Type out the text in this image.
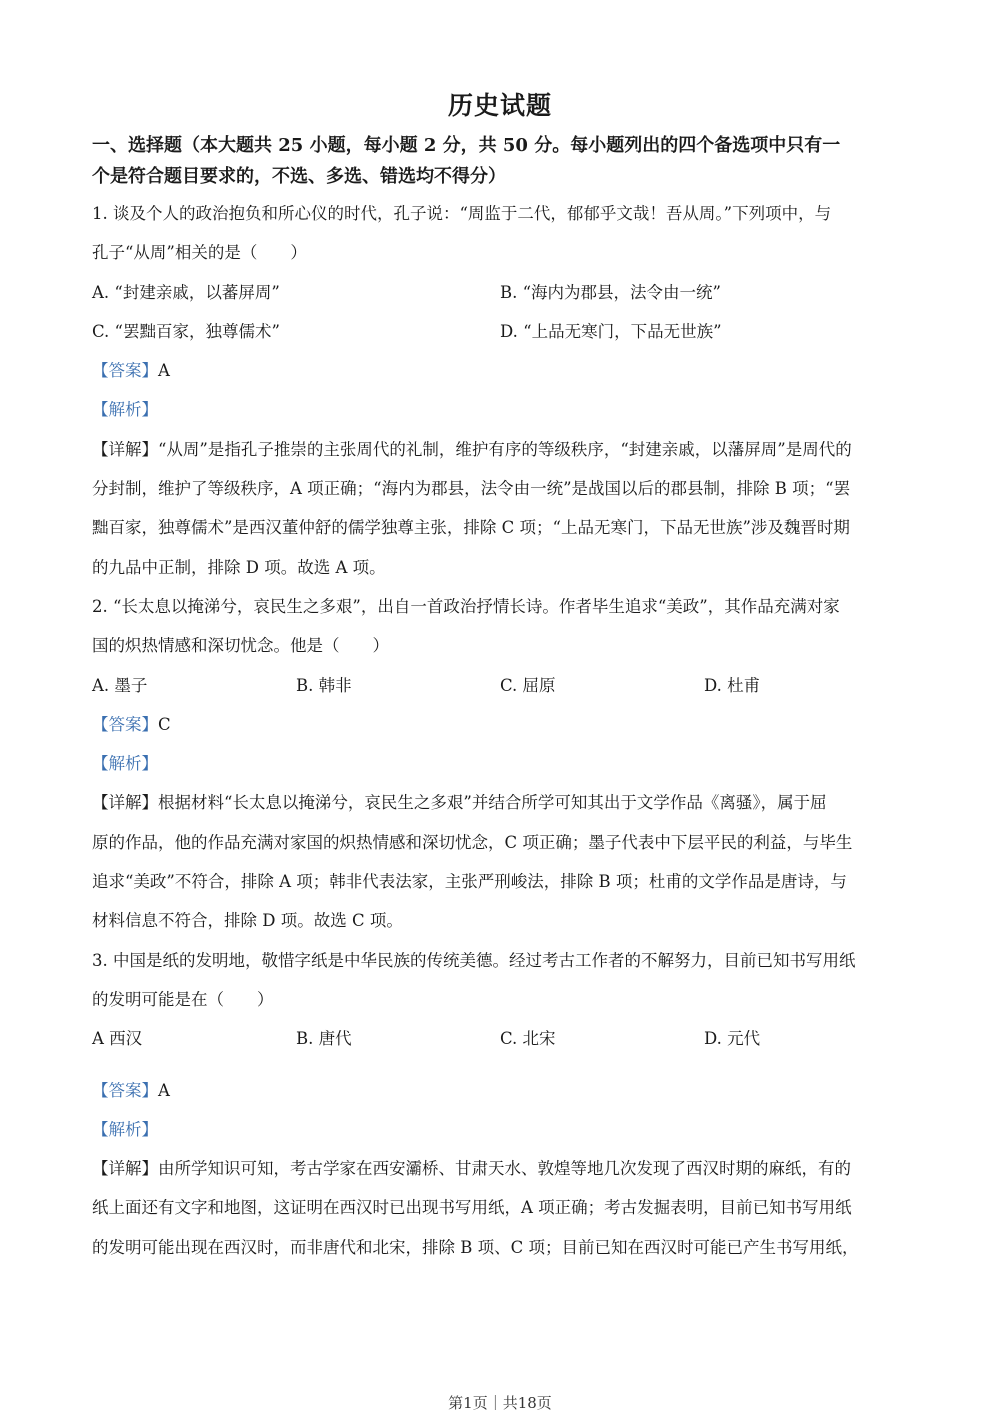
历史试题
一、选择题（本大题共 25 小题，每小题 2 分，共 50 分。每小题列出的四个备选项中只有一
个是符合题目要求的，不选、多选、错选均不得分）
1. 谈及个人的政治抱负和所心仪的时代，孔子说：“周监于二代，郁郁乎文哉！吾从周。”下列项中，与
孔子“从周”相关的是（　　）
A. “封建亲戚，以蕃屏周”	B. “海内为郡县，法令由一统”
C. “罢黜百家，独尊儒术”	D. “上品无寒门，下品无世族”
【答案】A
【解析】
【详解】“从周”是指孔子推崇的主张周代的礼制，维护有序的等级秩序，“封建亲戚，以藩屏周”是周代的
分封制，维护了等级秩序，A 项正确；“海内为郡县，法令由一统”是战国以后的郡县制，排除 B 项；“罢
黜百家，独尊儒术”是西汉董仲舒的儒学独尊主张，排除 C 项；“上品无寒门，下品无世族”涉及魏晋时期
的九品中正制，排除 D 项。故选 A 项。
2. “长太息以掩涕兮，哀民生之多艰”，出自一首政治抒情长诗。作者毕生追求“美政”，其作品充满对家
国的炽热情感和深切忧念。他是（　　）
A. 墨子	B. 韩非	C. 屈原	D. 杜甫
【答案】C
【解析】
【详解】根据材料“长太息以掩涕兮，哀民生之多艰”并结合所学可知其出于文学作品《离骚》，属于屈
原的作品，他的作品充满对家国的炽热情感和深切忧念，C 项正确；墨子代表中下层平民的利益，与毕生
追求“美政”不符合，排除 A 项；韩非代表法家，主张严刑峻法，排除 B 项；杜甫的文学作品是唐诗，与
材料信息不符合，排除 D 项。故选 C 项。
3. 中国是纸的发明地，敬惜字纸是中华民族的传统美德。经过考古工作者的不解努力，目前已知书写用纸
的发明可能是在（　　）
A 西汉	B. 唐代	C. 北宋	D. 元代
【答案】A
【解析】
【详解】由所学知识可知，考古学家在西安灞桥、甘肃天水、敦煌等地几次发现了西汉时期的麻纸，有的
纸上面还有文字和地图，这证明在西汉时已出现书写用纸，A 项正确；考古发掘表明，目前已知书写用纸
的发明可能出现在西汉时，而非唐代和北宋，排除 B 项、C 项；目前已知在西汉时可能已产生书写用纸，
第1页｜共18页
